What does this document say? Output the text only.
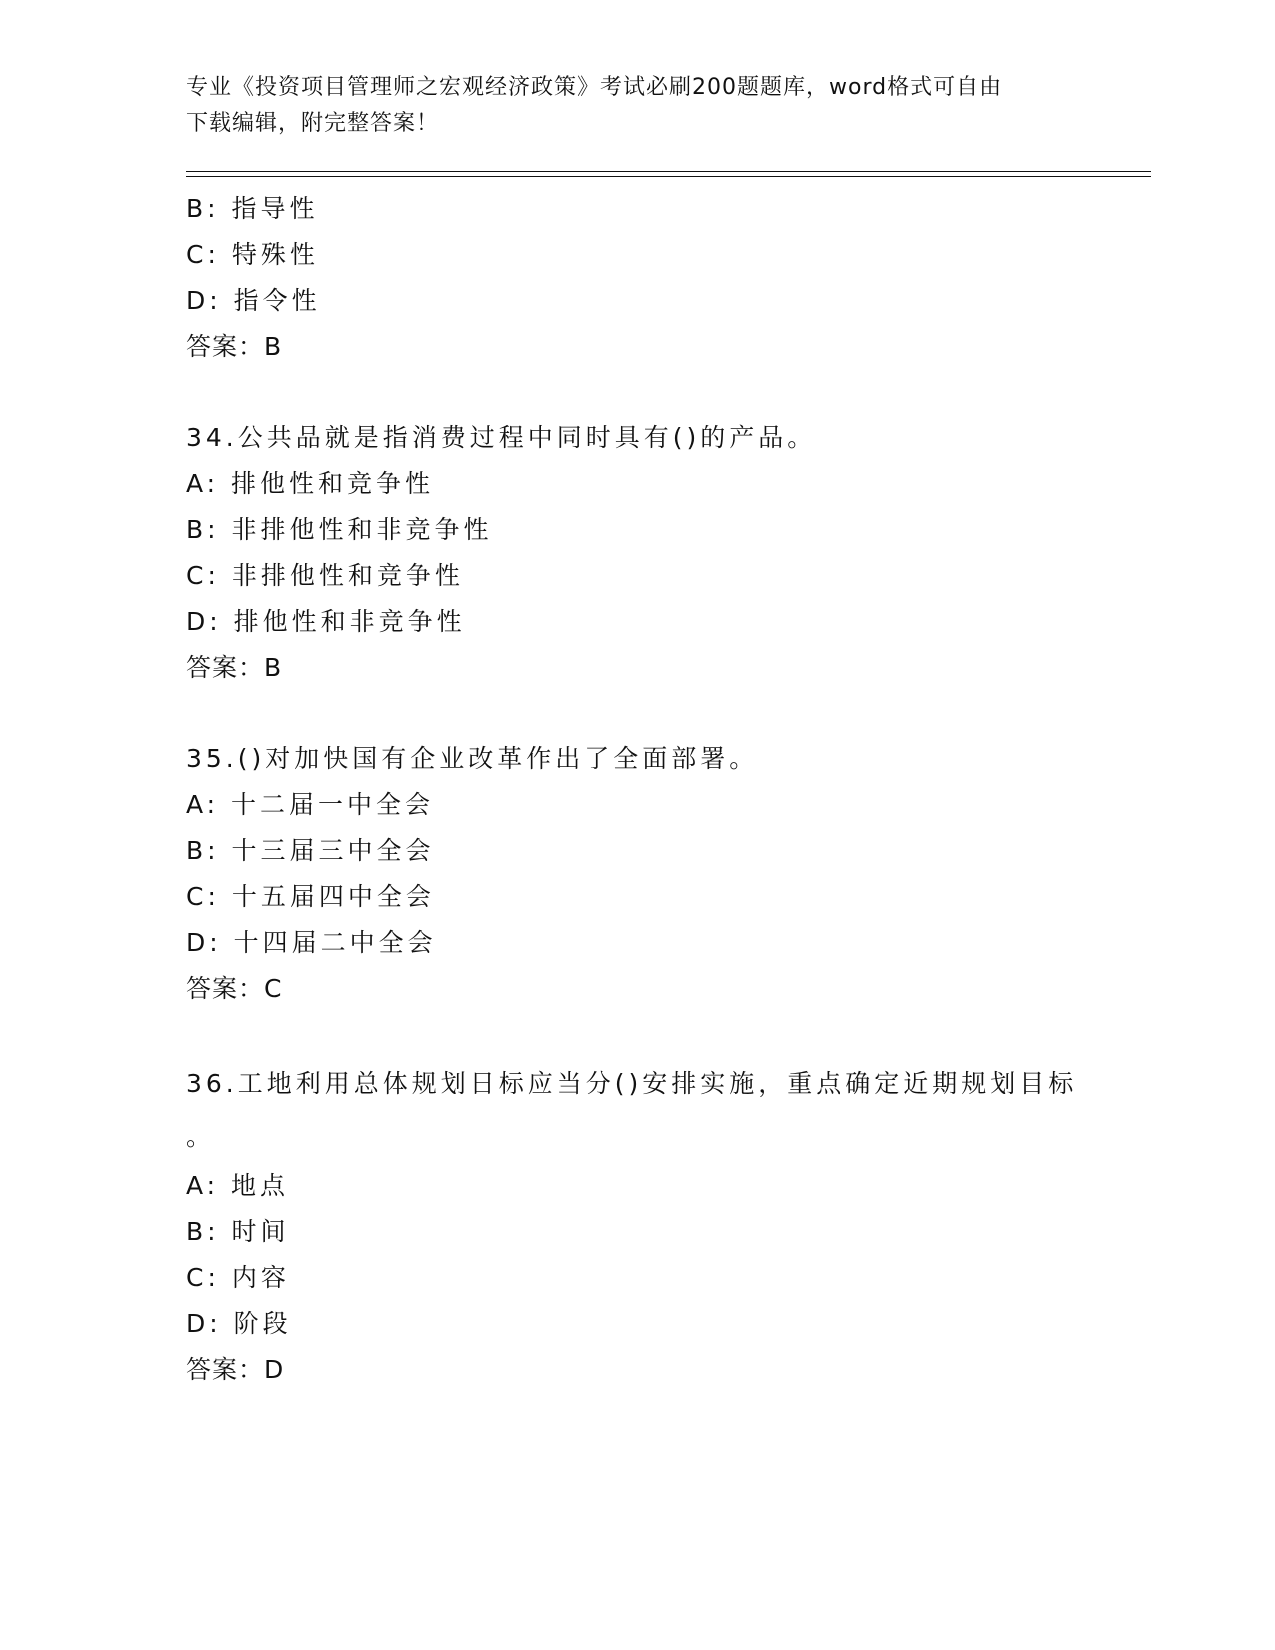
专业《投资项目管理师之宏观经济政策》考试必刷200题题库，word格式可自由
下载编辑，附完整答案！
B: 指导性
C: 特殊性
D: 指令性
答案：B
34.公共品就是指消费过程中同时具有()的产品。
A: 排他性和竞争性
B: 非排他性和非竞争性
C: 非排他性和竞争性
D: 排他性和非竞争性
答案：B
35.()对加快国有企业改革作出了全面部署。
A: 十二届一中全会
B: 十三届三中全会
C: 十五届四中全会
D: 十四届二中全会
答案：C
36.工地利用总体规划日标应当分()安排实施，重点确定近期规划目标
。
A: 地点
B: 时间
C: 内容
D: 阶段
答案：D
